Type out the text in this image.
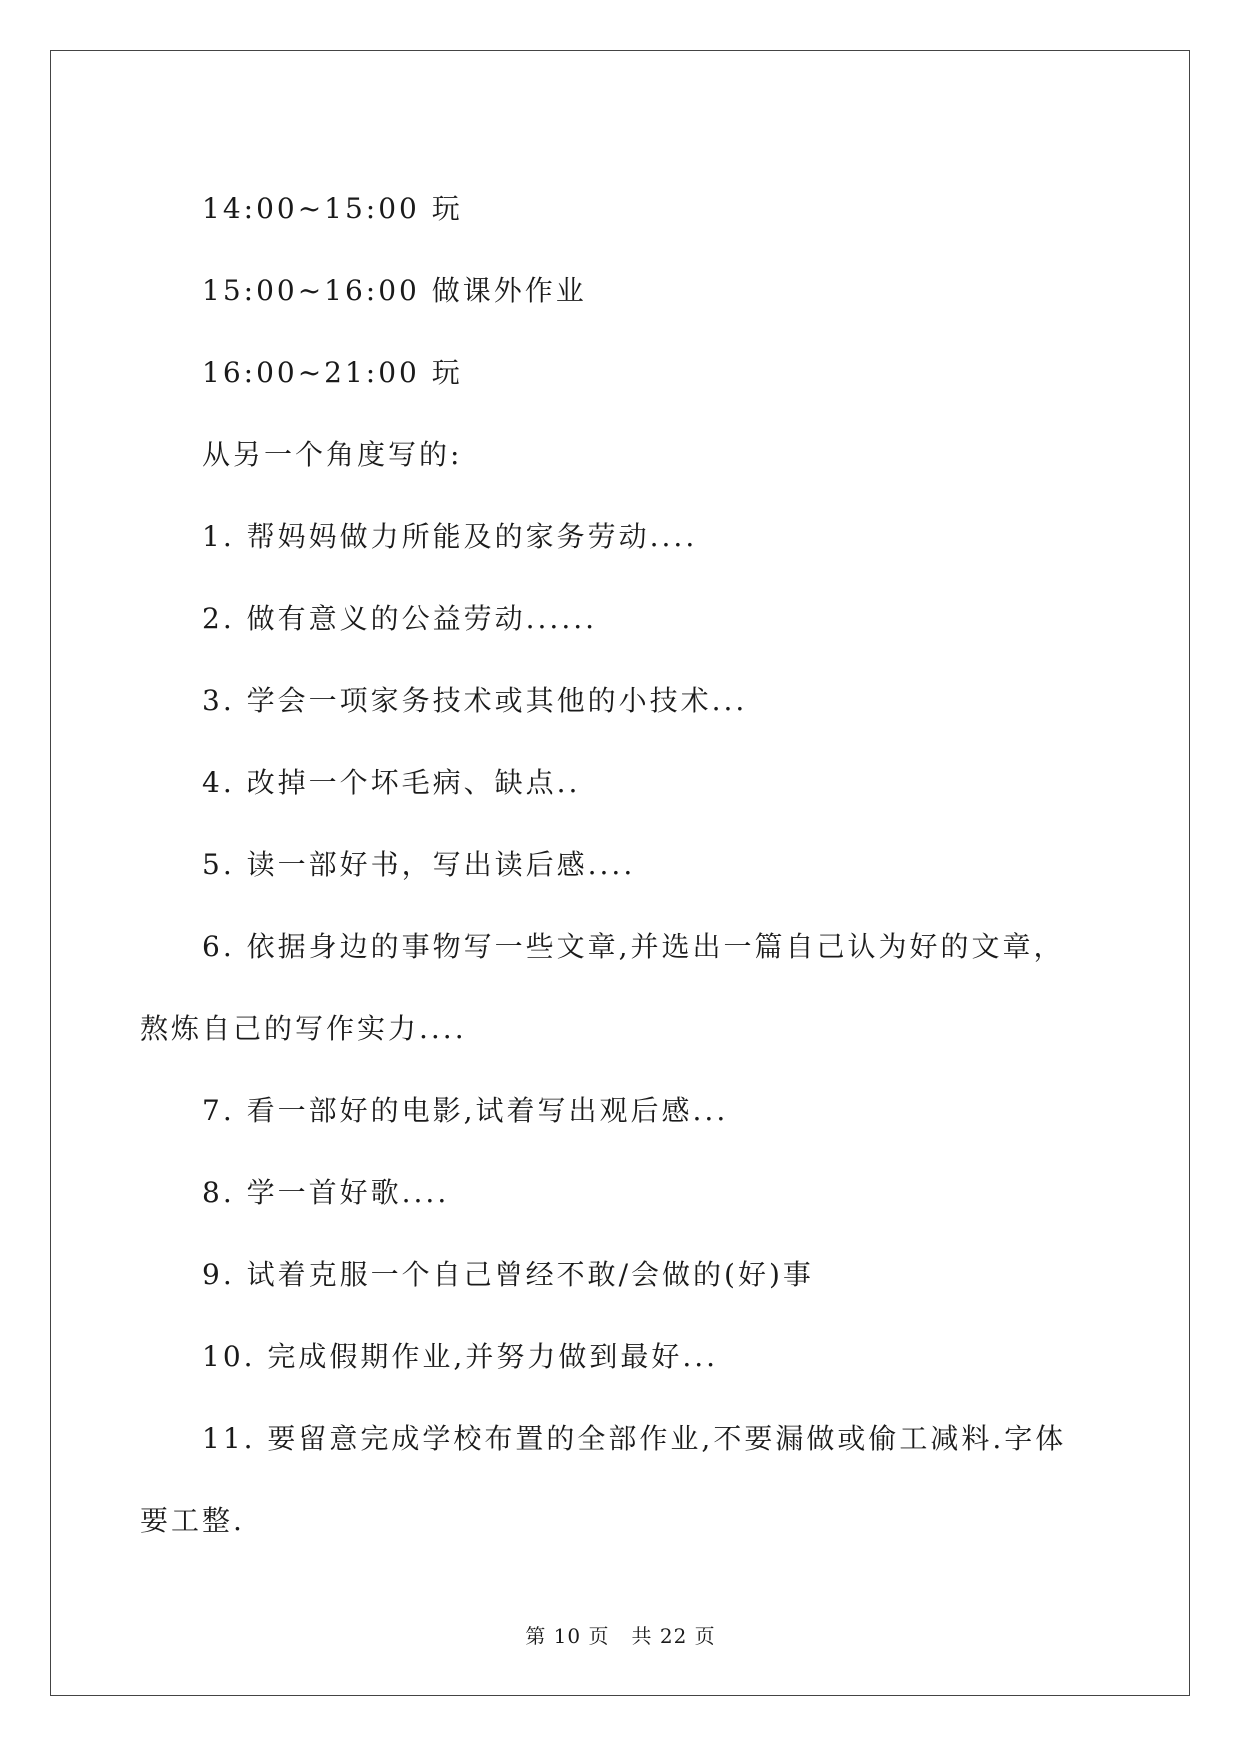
14:00~15:00 玩
15:00~16:00 做课外作业
16:00~21:00 玩
从另一个角度写的:
1. 帮妈妈做力所能及的家务劳动....
2. 做有意义的公益劳动......
3. 学会一项家务技术或其他的小技术...
4. 改掉一个坏毛病、缺点..
5. 读一部好书，写出读后感....
6. 依据身边的事物写一些文章,并选出一篇自己认为好的文章，熬炼自己的写作实力....
7. 看一部好的电影,试着写出观后感...
8. 学一首好歌....
9. 试着克服一个自己曾经不敢/会做的(好)事
10. 完成假期作业,并努力做到最好...
11. 要留意完成学校布置的全部作业,不要漏做或偷工减料.字体要工整.
第 10 页 共 22 页
